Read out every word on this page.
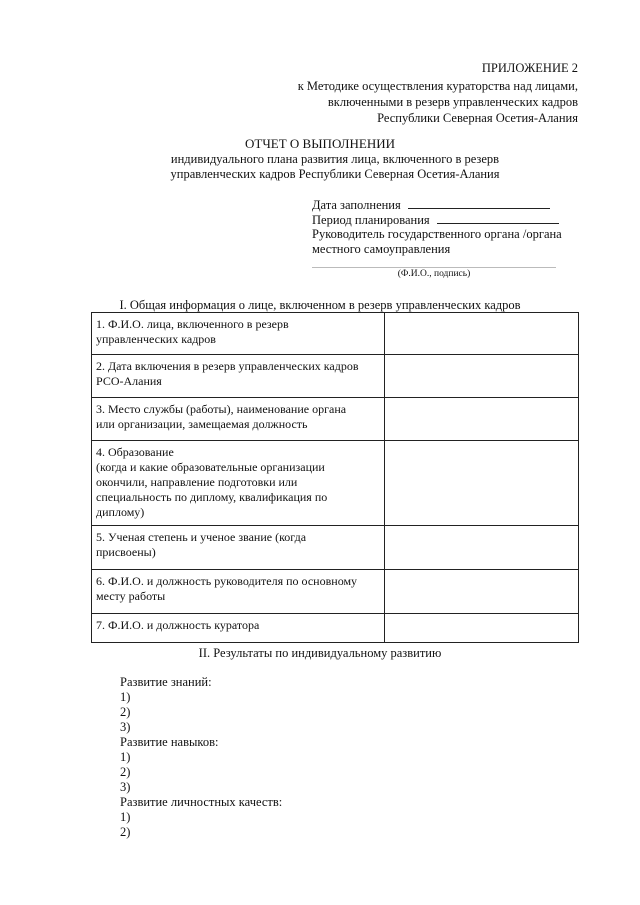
ПРИЛОЖЕНИЕ 2
к Методике осуществления кураторства над лицами,
включенными в резерв управленческих кадров
Республики Северная Осетия-Алания
ОТЧЕТ О ВЫПОЛНЕНИИ
индивидуального плана развития лица, включенного в резерв
управленческих кадров Республики Северная Осетия-Алания
Дата заполнения
Период планирования
Руководитель государственного органа /органа
местного самоуправления
(Ф.И.О., подпись)
I. Общая информация о лице, включенном в резерв управленческих кадров
1. Ф.И.О. лица, включенного в резерв
управленческих кадров	

2. Дата включения в резерв управленческих кадров
РСО-Алания	

3. Место службы (работы), наименование органа
или организации, замещаемая должность	

4. Образование
(когда и какие образовательные организации
окончили, направление подготовки или
специальность по диплому, квалификация по
диплому)	

5. Ученая степень и ученое звание (когда
присвоены)	

6. Ф.И.О. и должность руководителя по основному
месту работы	

7. Ф.И.О. и должность куратора	

II. Результаты по индивидуальному развитию
Развитие знаний:
1)
2)
3)
Развитие навыков:
1)
2)
3)
Развитие личностных качеств:
1)
2)
